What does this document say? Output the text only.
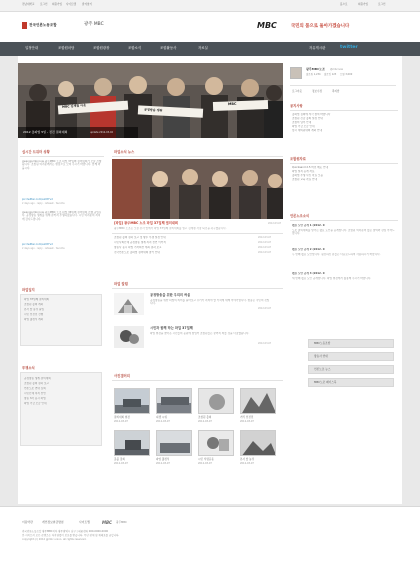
전남대학교 로그인 회원가입 사이트맵 즐겨찾기	홈으로	회원가입	로그인
전국언론노동조합	광주 MBC	MBC	국민의 품으로 돌아가겠습니다
일정안내	조합원마당	조합원광장	조합소식	조합활동사	자료실	자유게시판	twitter
MBC 김재철 아웃
공정방송 쟁취
MBC
2012 총파업 5일 - 전진 결의대회	update 2012-03-02
광주MBC노조 @mbcnow
팔로워 1,234 팔로잉 123 트윗 3,000
로그아웃	정보수정	쪽지함
공지사항
총파업 집회에 적극 참여 바랍니다
조합원 긴급 총회 일정 안내
조합비 납부 안내
파업 기금 모금 안내
임시 대의원대회 개최 안내
조합원자료
Quicksand 2.5 버전 배포 안내
파업 일지 공개 자료
총파업 투쟁 사진 자료 모음
조합원 교육 자료 안내
언론노조소식
웹표 도안 공개 1 (2012. 0
노조 결의대회를 알리는 웹표 도안을 공개합니다. 조합원 여러분의 많은 참여와 관심 부탁드립니다.
웹표 도안 공개 2 (2012. 0
두 번째 웹표 도안입니다. 필요하신 분들은 다운로드하여 사용하시기 바랍니다.
웹표 도안 공개 3 (2012. 0
세 번째 웹표 도안 공개합니다. 파업 현장에서 활용해 주시기 바랍니다.
실시간 트위터 상황
gwangjumbcnow 광주MBC 노조 파업 37일째 결의대회가 오늘 진행됩니다. 조합원 여러분께서는 현장으로 모여 주시기 바랍니다. 함께 싸웁시다.
pic.twitter.com/ex0t7vd
2 days ago · reply · retweet · favorite
gwangjumbcnow 광주MBC 노조 파업 36일째 결의대회 진행 중입니다. 공정방송 쟁취를 위해 끝까지 투쟁하겠습니다. 시민 여러분의 지지에 감사드립니다.
pic.twitter.com/ex0t7vd
2 days ago · reply · retweet · favorite
파업소식 뉴스
[파업] 광주MBC 노조 파업 37일째 결의대회	2012-03-07
광주MBC 노조는 오늘 본사 앞에서 파업 37일째 결의대회를 열고 김재철 사장 퇴진을 촉구했습니다.
조합원 총회 결과 보고 및 향후 투쟁 일정 안내	2012-03-07
시민사회단체 공정방송 쟁취 지지 선언 이어져	2012-03-07
방송사 동시 파업 기자회견 개최 결과 보고	2012-03-07
전국언론노조 총파업 결의대회 참가 안내	2012-03-07
파업 칼럼
공정방송을 위한 우리의 싸움
공정방송을 위한 파업의 의미를 돌아보고 우리가 지켜야 할 가치에 대해 이야기합니다. 방송은 국민의 것입니다.
2012-03-07
시민과 함께 하는 파업 37일째
파업 현장을 찾아온 시민들의 응원에 힘입어 조합원들은 끝까지 싸울 것을 다짐했습니다.
2012-03-07
사진갤러리
결의대회 현장
2012-03-07
피켓 시위
2012-03-07
조합원 총회
2012-03-07
거리 선전전
2012-03-07
촛불 집회
2012-03-07
파업 출정식
2012-03-07
시민 서명운동
2012-03-07
본사 앞 농성
2012-03-07
파업일지
파업 37일째 결의대회
조합원 총회 개최
본사 앞 농성 돌입
시민 선전전 진행
파업 출정식 개최
투쟁소식
공정방송 쟁취 결의대회
조합원 총회 결과 보고
언론노조 연대 집회
시민단체 지지 선언
방송 3사 동시 파업
파업 기금 모금 안내
MBC노동조합
방송사 연대
언론노조 뉴스
MBC노조 페이스북
이용약관	개인정보취급방침	사이트맵	MBC 광주MBC
전국언론노동조합 광주MBC지부 광주광역시 남구 | 대표전화 000-0000-0000
본 사이트의 모든 콘텐츠는 저작권법의 보호를 받습니다. 무단 전재 및 재배포를 금합니다.
copyright (c) 2012 gjmbc union. all rights reserved.
